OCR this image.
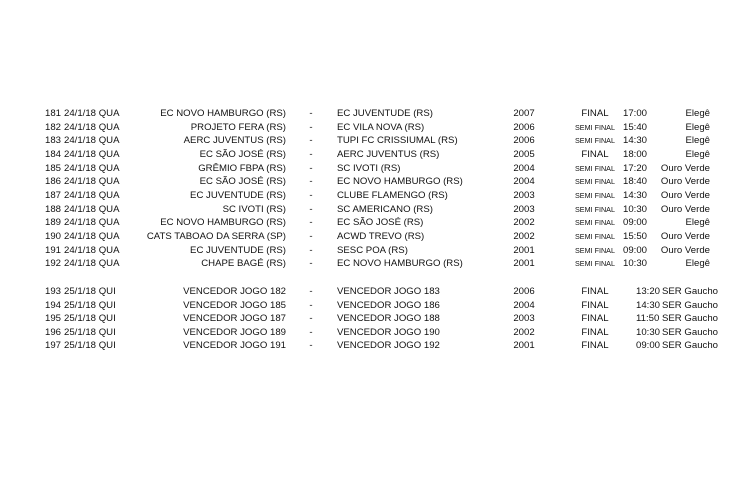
181 24/1/18 QUA	EC NOVO HAMBURGO (RS)	-	EC JUVENTUDE (RS)	2007	FINAL	17:00	Elegê
182 24/1/18 QUA	PROJETO FERA (RS)	-	EC VILA NOVA (RS)	2006	SEMI FINAL 15:40	Elegê
183 24/1/18 QUA	AERC JUVENTUS (RS)	-	TUPI FC CRISSIUMAL (RS)	2006	SEMI FINAL 14:30	Elegê
184 24/1/18 QUA	EC SÃO JOSÉ (RS)	-	AERC JUVENTUS (RS)	2005	FINAL	18:00	Elegê
185 24/1/18 QUA	GRÊMIO FBPA (RS)	-	SC IVOTI (RS)	2004	SEMI FINAL 17:20	Ouro Verde
186 24/1/18 QUA	EC SÃO JOSÉ (RS)	-	EC NOVO HAMBURGO (RS)	2004	SEMI FINAL 18:40	Ouro Verde
187 24/1/18 QUA	EC JUVENTUDE (RS)	-	CLUBE FLAMENGO (RS)	2003	SEMI FINAL 14:30	Ouro Verde
188 24/1/18 QUA	SC IVOTI (RS)	-	SC AMERICANO (RS)	2003	SEMI FINAL 10:30	Ouro Verde
189 24/1/18 QUA	EC NOVO HAMBURGO (RS)	-	EC SÃO JOSÉ (RS)	2002	SEMI FINAL 09:00	Elegê
190 24/1/18 QUA	CATS TABOAO DA SERRA (SP)	-	ACWD TREVO (RS)	2002	SEMI FINAL 15:50	Ouro Verde
191 24/1/18 QUA	EC JUVENTUDE (RS)	-	SESC POA (RS)	2001	SEMI FINAL 09:00	Ouro Verde
192 24/1/18 QUA	CHAPE BAGÉ (RS)	-	EC NOVO HAMBURGO (RS)	2001	SEMI FINAL 10:30	Elegê
193 25/1/18 QUI	VENCEDOR JOGO 182	-	VENCEDOR JOGO 183	2006	FINAL	13:20 SER Gaucho
194 25/1/18 QUI	VENCEDOR JOGO 185	-	VENCEDOR JOGO 186	2004	FINAL	14:30 SER Gaucho
195 25/1/18 QUI	VENCEDOR JOGO 187	-	VENCEDOR JOGO 188	2003	FINAL	11:50 SER Gaucho
196 25/1/18 QUI	VENCEDOR JOGO 189	-	VENCEDOR JOGO 190	2002	FINAL	10:30 SER Gaucho
197 25/1/18 QUI	VENCEDOR JOGO 191	-	VENCEDOR JOGO 192	2001	FINAL	09:00 SER Gaucho
